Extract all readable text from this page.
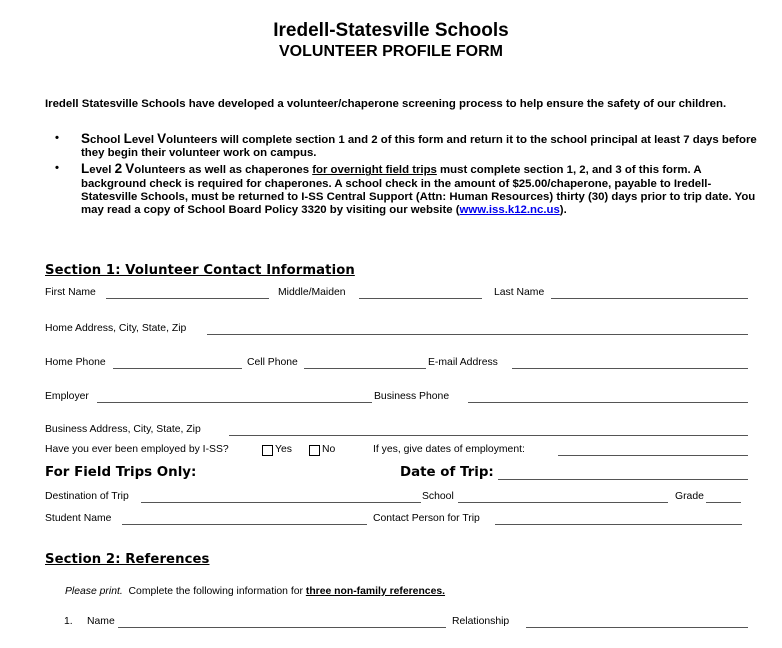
Iredell-Statesville Schools
VOLUNTEER PROFILE FORM
Iredell Statesville Schools have developed a volunteer/chaperone screening process to help ensure the safety of our children.
• School Level Volunteers will complete section 1 and 2 of this form and return it to the school principal at least 7 days before they begin their volunteer work on campus.
• Level 2 Volunteers as well as chaperones for overnight field trips must complete section 1, 2, and 3 of this form. A background check is required for chaperones. A school check in the amount of $25.00/chaperone, payable to Iredell-Statesville Schools, must be returned to I-SS Central Support (Attn: Human Resources) thirty (30) days prior to trip date. You may read a copy of School Board Policy 3320 by visiting our website (www.iss.k12.nc.us).
Section 1: Volunteer Contact Information
First Name	Middle/Maiden	Last Name
Home Address, City, State, Zip
Home Phone	Cell Phone	E-mail Address
Employer	Business Phone
Business Address, City, State, Zip
Have you ever been employed by I-SS?	Yes	No	If yes, give dates of employment:
For Field Trips Only:	Date of Trip:
Destination of Trip	School	Grade
Student Name	Contact Person for Trip
Section 2: References
Please print.  Complete the following information for three non-family references.
1. Name	Relationship
